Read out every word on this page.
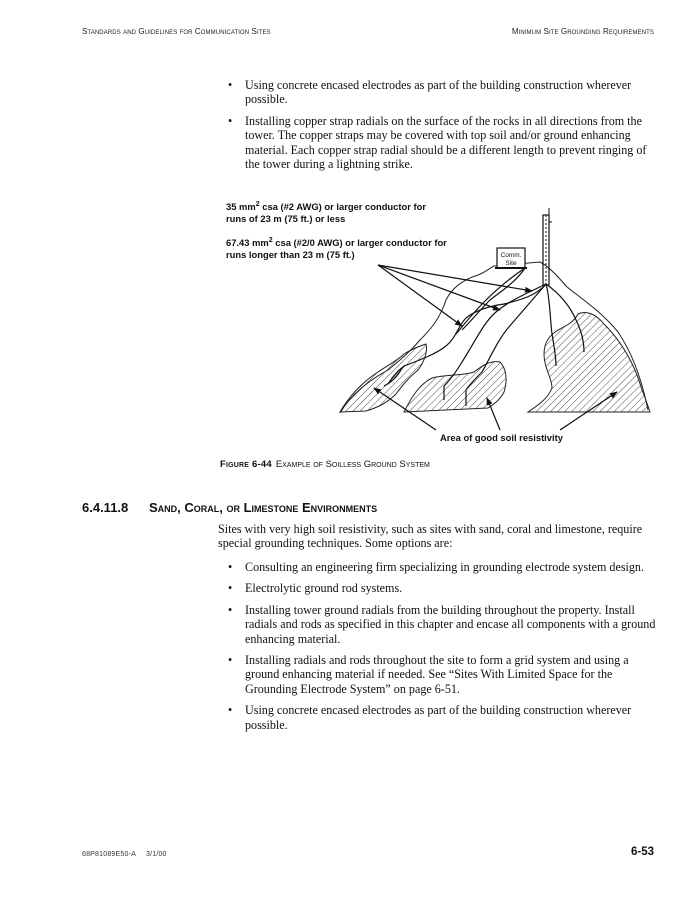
Standards and Guidelines for Communication Sites	Minimum Site Grounding Requirements
• Using concrete encased electrodes as part of the building construction wherever possible.
• Installing copper strap radials on the surface of the rocks in all directions from the tower. The copper straps may be covered with top soil and/or ground enhancing material. Each copper strap radial should be a different length to prevent ringing of the tower during a lightning strike.
Comm.
Site
35 $mm^2$ csa (#2 AWG) or larger conductor for
runs of 23 m (75 ft.) or less
67.43 $mm^2$ csa (#2/0 AWG) or larger conductor for
runs longer than 23 m (75 ft.)
Area of good soil resistivity
Figure 6-44 Example of Soilless Ground System
6.4.11.8 Sand, Coral, or Limestone Environments

Sites with very high soil resistivity, such as sites with sand, coral and limestone, require special grounding techniques. Some options are:

• Consulting an engineering firm specializing in grounding electrode system design.
• Electrolytic ground rod systems.
• Installing tower ground radials from the building throughout the property. Install radials and rods as specified in this chapter and encase all components with a ground enhancing material.
• Installing radials and rods throughout the site to form a grid system and using a ground enhancing material if needed. See “Sites With Limited Space for the Grounding Electrode System” on page 6-51.
• Using concrete encased electrodes as part of the building construction wherever possible.
68P81089E50-A 3/1/00	6-53
